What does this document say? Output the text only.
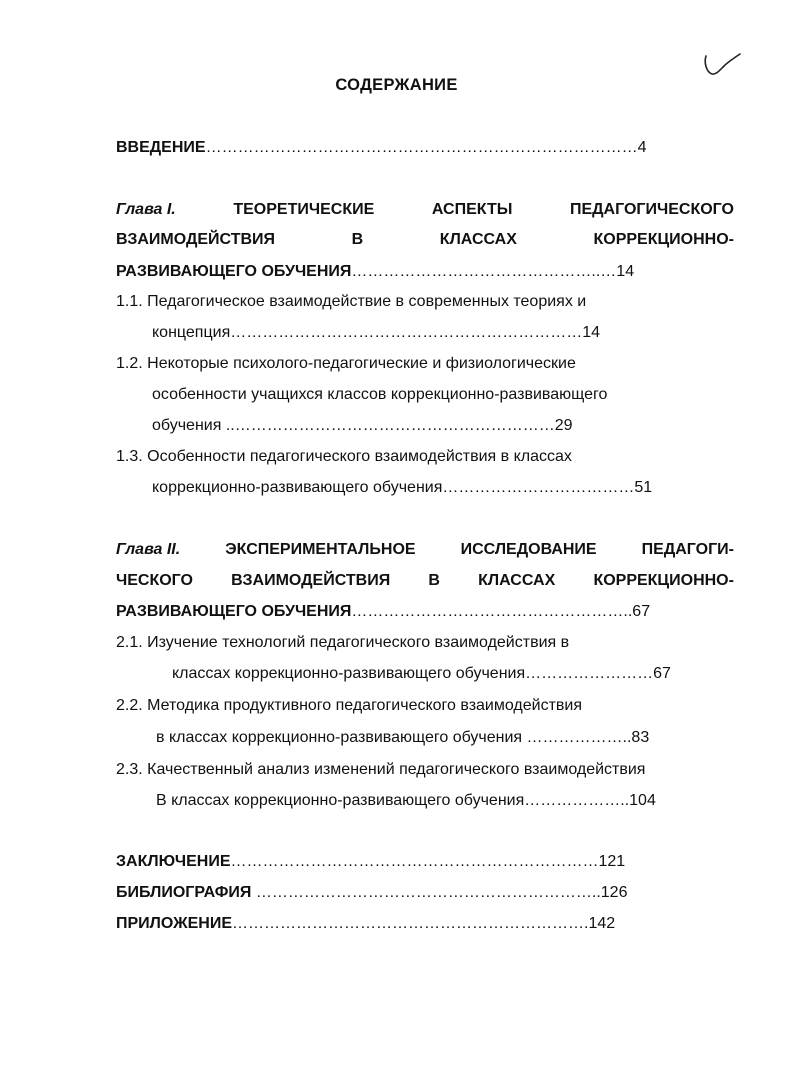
СОДЕРЖАНИЕ
ВВЕДЕНИЕ………………………………………………………………………4
Глава I.	ТЕОРЕТИЧЕСКИЕ	АСПЕКТЫ	ПЕДАГОГИЧЕСКОГО
ВЗАИМОДЕЙСТВИЯ	В	КЛАССАХ	КОРРЕКЦИОННО-
РАЗВИВАЮЩЕГО ОБУЧЕНИЯ………………………………………..…14
1.1. Педагогическое взаимодействие в современных теориях и
концепция…………………………………………………………14
1.2. Некоторые психолого-педагогические и физиологические
особенности учащихся классов коррекционно-развивающего
обучения ..……………………………………………………29
1.3. Особенности педагогического взаимодействия в классах
коррекционно-развивающего обучения………………………………51
Глава II.	ЭКСПЕРИМЕНТАЛЬНОЕ	ИССЛЕДОВАНИЕ	ПЕДАГОГИ-
ЧЕСКОГО ВЗАИМОДЕЙСТВИЯ В КЛАССАХ КОРРЕКЦИОННО-
РАЗВИВАЮЩЕГО ОБУЧЕНИЯ……………………………………………..67
2.1. Изучение технологий педагогического взаимодействия в
классах коррекционно-развивающего обучения……………………67
2.2. Методика продуктивного педагогического взаимодействия
в классах коррекционно-развивающего обучения ………………..83
2.3. Качественный анализ изменений педагогического взаимодействия
В классах коррекционно-развивающего обучения………………..104
ЗАКЛЮЧЕНИЕ……………………………………………………………121
БИБЛИОГРАФИЯ ………………………………………………………..126
ПРИЛОЖЕНИЕ………………………………………………………….142
